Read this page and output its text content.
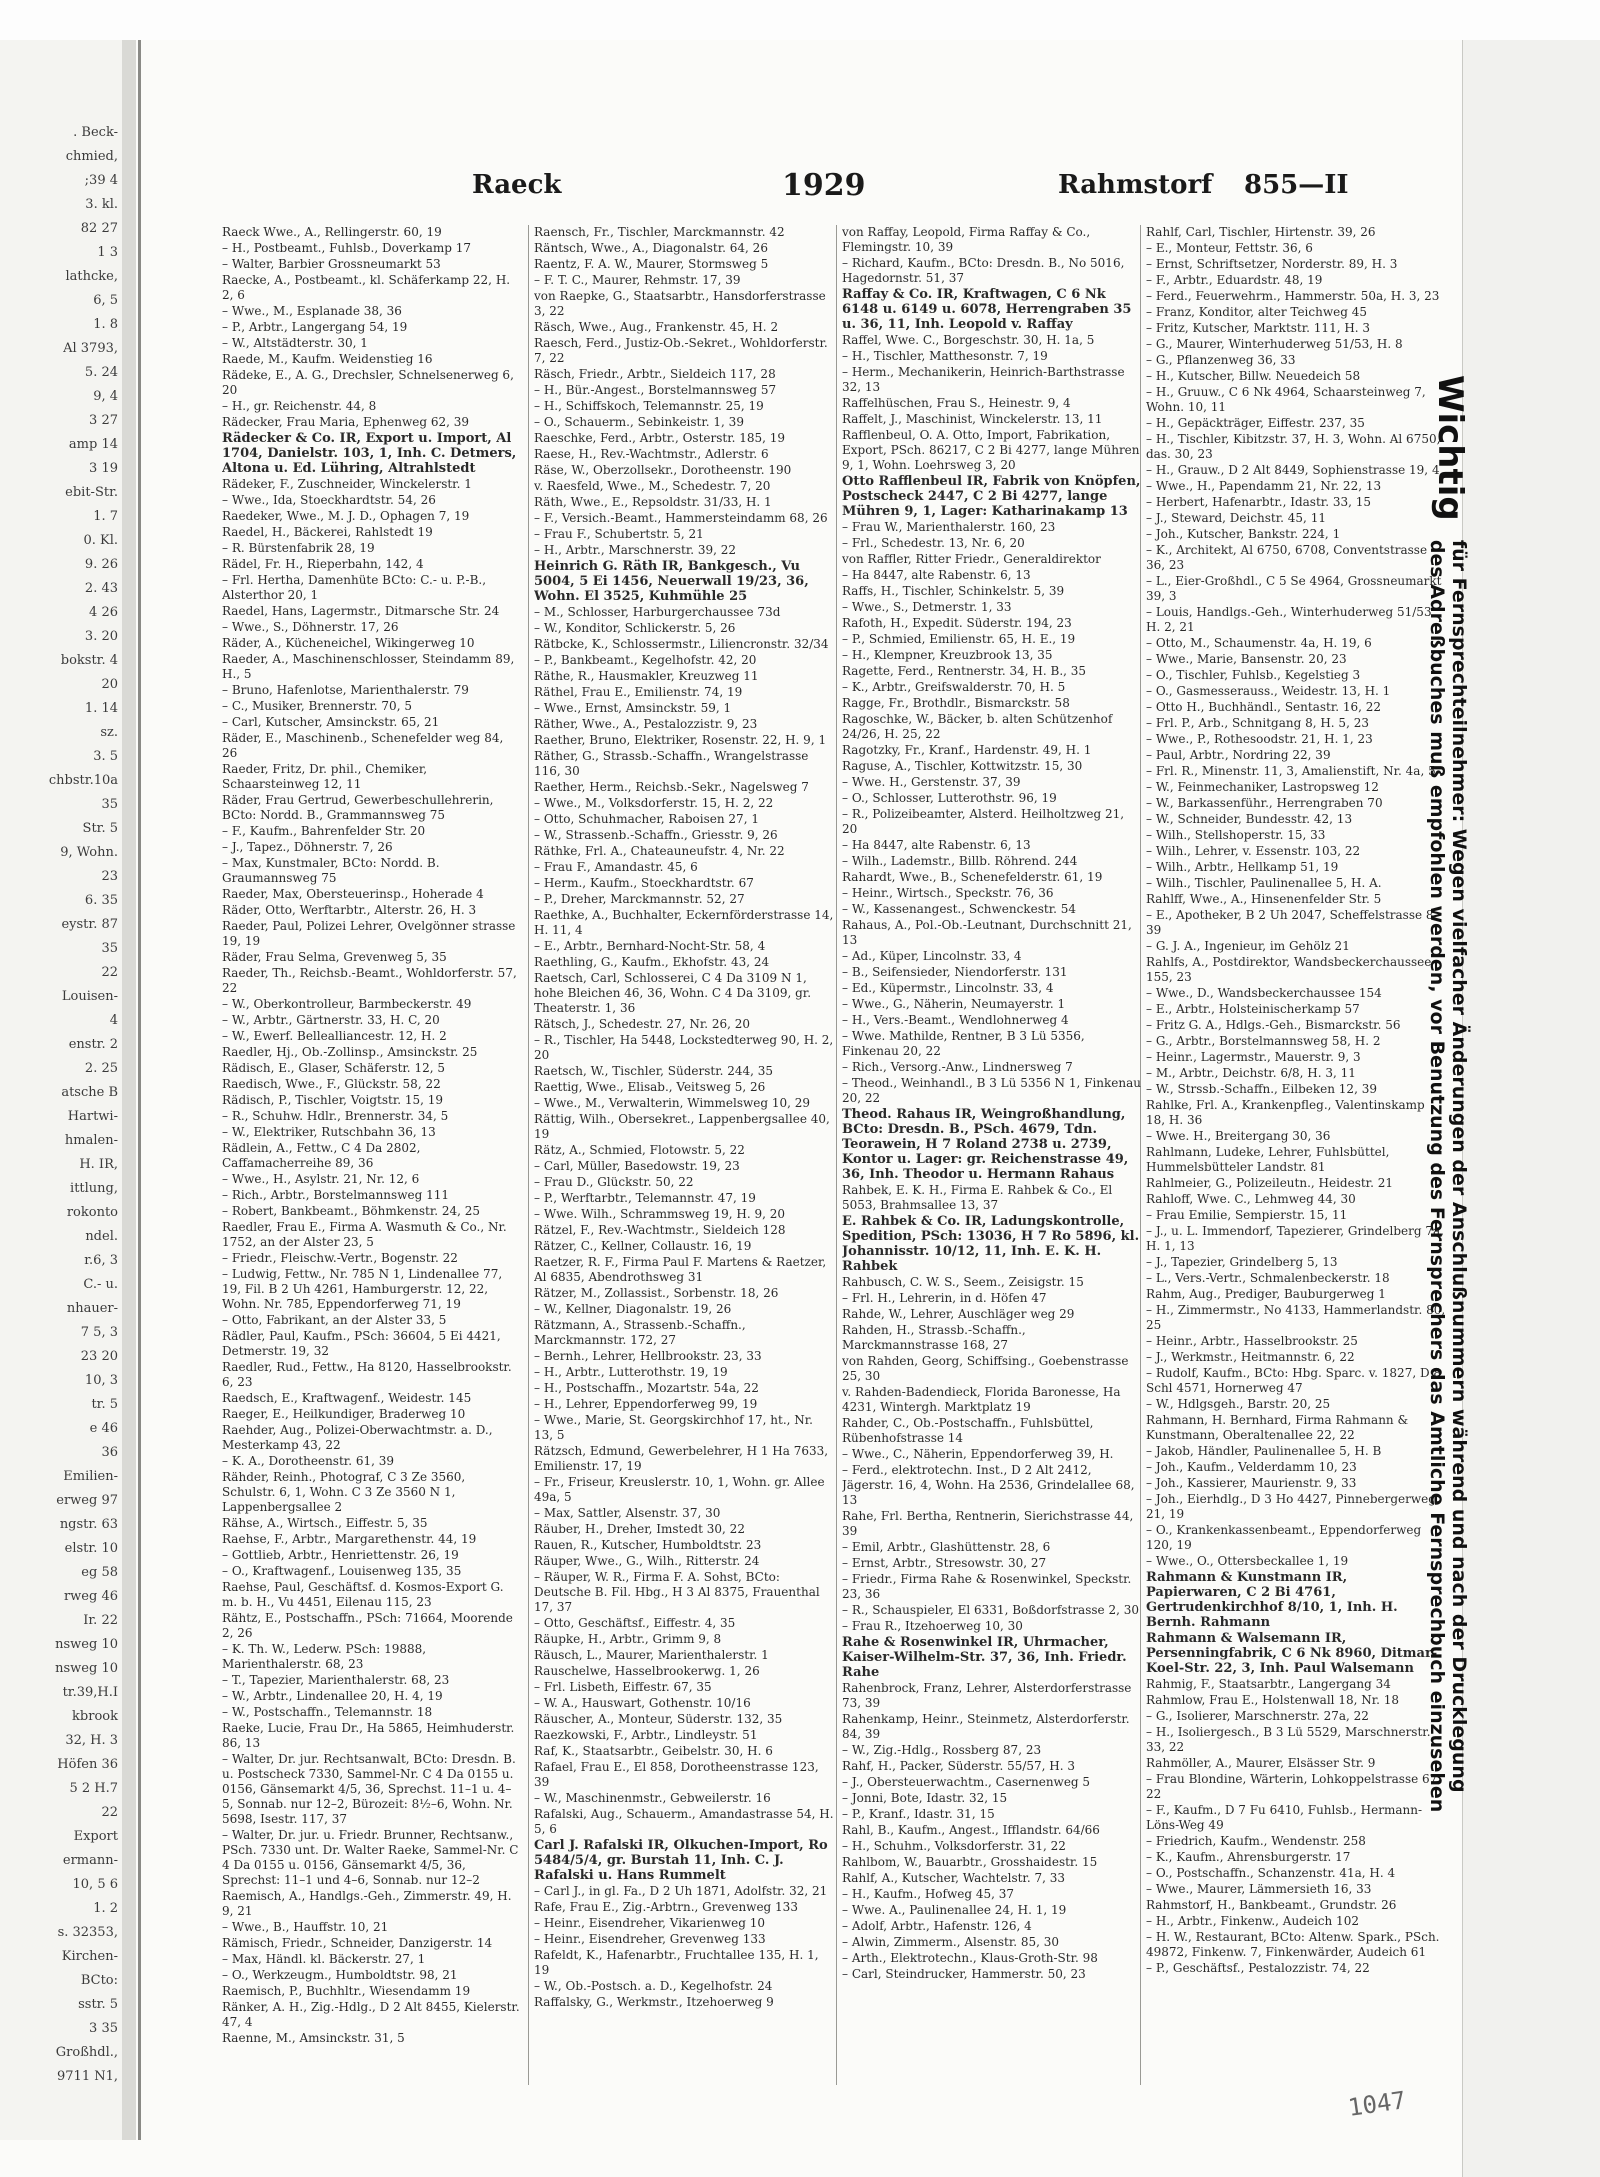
. Beck-
chmied,
;39 4
3. kl.
82 27
1 3
lathcke,
6, 5
1. 8
Al 3793,
5. 24
9, 4
3 27
amp 14
3 19
ebit-Str.
1. 7
0. Kl.
9. 26
2. 43
4 26
3. 20
bokstr. 4
20
1. 14
sz.
3. 5
chbstr.10a
35
Str. 5
9, Wohn.
23
6. 35
eystr. 87
35
22
Louisen-
4
enstr. 2
2. 25
atsche B
Hartwi-
hmalen-
H. IR,
ittlung,
rokonto
ndel.
r.6, 3
C.- u.
nhauer-
7 5, 3
23 20
10, 3
tr. 5
e 46
36
Emilien-
erweg 97
ngstr. 63
elstr. 10
eg 58
rweg 46
Ir. 22
nsweg 10
nsweg 10
tr.39,H.I
kbrook
32, H. 3
Höfen 36
5 2 H.7
22
Export
ermann-
10, 5 6
1. 2
s. 32353,
Kirchen-
BCto:
sstr. 5
3 35
Großhdl.,
9711 N1,
Raeck	1929	Rahmstorf 855—II
Raeck Wwe., A., Rellingerstr. 60, 19
– H., Postbeamt., Fuhlsb., Doverkamp 17
– Walter, Barbier Grossneumarkt 53
Raecke, A., Postbeamt., kl. Schäferkamp 22, H. 2, 6
– Wwe., M., Esplanade 38, 36
– P., Arbtr., Langergang 54, 19
– W., Altstädterstr. 30, 1
Raede, M., Kaufm. Weidenstieg 16
Rädeke, E., A. G., Drechsler, Schnelsenerweg 6, 20
– H., gr. Reichenstr. 44, 8
Rädecker, Frau Maria, Ephenweg 62, 39
Rädecker & Co. IR, Export u. Import, Al 1704, Danielstr. 103, 1, Inh. C. Detmers, Altona u. Ed. Lühring, Altrahlstedt
Rädeker, F., Zuschneider, Winckelerstr. 1
– Wwe., Ida, Stoeckhardtstr. 54, 26
Raedeker, Wwe., M. J. D., Ophagen 7, 19
Raedel, H., Bäckerei, Rahlstedt 19
– R. Bürstenfabrik 28, 19
Rädel, Fr. H., Rieperbahn, 142, 4
– Frl. Hertha, Damenhüte BCto: C.- u. P.-B., Alsterthor 20, 1
Raedel, Hans, Lagermstr., Ditmarsche Str. 24
– Wwe., S., Döhnerstr. 17, 26
Räder, A., Kücheneichel, Wikingerweg 10
Raeder, A., Maschinenschlosser, Steindamm 89, H., 5
– Bruno, Hafenlotse, Marienthalerstr. 79
– C., Musiker, Brennerstr. 70, 5
– Carl, Kutscher, Amsinckstr. 65, 21
Räder, E., Maschinenb., Schenefelder weg 84, 26
Raeder, Fritz, Dr. phil., Chemiker, Schaarsteinweg 12, 11
Räder, Frau Gertrud, Gewerbeschullehrerin, BCto: Nordd. B., Grammannsweg 75
– F., Kaufm., Bahrenfelder Str. 20
– J., Tapez., Döhnerstr. 7, 26
– Max, Kunstmaler, BCto: Nordd. B. Graumannsweg 75
Raeder, Max, Obersteuerinsp., Hoherade 4
Räder, Otto, Werftarbtr., Alterstr. 26, H. 3
Raeder, Paul, Polizei Lehrer, Ovelgönner strasse 19, 19
Räder, Frau Selma, Grevenweg 5, 35
Raeder, Th., Reichsb.-Beamt., Wohldorferstr. 57, 22
– W., Oberkontrolleur, Barmbeckerstr. 49
– W., Arbtr., Gärtnerstr. 33, H. C, 20
– W., Ewerf. Bellealliancestr. 12, H. 2
Raedler, Hj., Ob.-Zollinsp., Amsinckstr. 25
Rädisch, E., Glaser, Schäferstr. 12, 5
Raedisch, Wwe., F., Glückstr. 58, 22
Rädisch, P., Tischler, Voigtstr. 15, 19
– R., Schuhw. Hdlr., Brennerstr. 34, 5
– W., Elektriker, Rutschbahn 36, 13
Rädlein, A., Fettw., C 4 Da 2802, Caffamacherreihe 89, 36
– Wwe., H., Asylstr. 21, Nr. 12, 6
– Rich., Arbtr., Borstelmannsweg 111
– Robert, Bankbeamt., Böhmkenstr. 24, 25
Raedler, Frau E., Firma A. Wasmuth & Co., Nr. 1752, an der Alster 23, 5
– Friedr., Fleischw.-Vertr., Bogenstr. 22
– Ludwig, Fettw., Nr. 785 N 1, Lindenallee 77, 19, Fil. B 2 Uh 4261, Hamburgerstr. 12, 22, Wohn. Nr. 785, Eppendorferweg 71, 19
– Otto, Fabrikant, an der Alster 33, 5
Rädler, Paul, Kaufm., PSch: 36604, 5 Ei 4421, Detmerstr. 19, 32
Raedler, Rud., Fettw., Ha 8120, Hasselbrookstr. 6, 23
Raedsch, E., Kraftwagenf., Weidestr. 145
Raeger, E., Heilkundiger, Braderweg 10
Raehder, Aug., Polizei-Oberwachtmstr. a. D., Mesterkamp 43, 22
– K. A., Dorotheenstr. 61, 39
Rähder, Reinh., Photograf, C 3 Ze 3560, Schulstr. 6, 1, Wohn. C 3 Ze 3560 N 1, Lappenbergsallee 2
Rähse, A., Wirtsch., Eiffestr. 5, 35
Raehse, F., Arbtr., Margarethenstr. 44, 19
– Gottlieb, Arbtr., Henriettenstr. 26, 19
– O., Kraftwagenf., Louisenweg 135, 35
Raehse, Paul, Geschäftsf. d. Kosmos-Export G. m. b. H., Vu 4451, Eilenau 115, 23
Rähtz, E., Postschaffn., PSch: 71664, Moorende 2, 26
– K. Th. W., Lederw. PSch: 19888, Marienthalerstr. 68, 23
– T., Tapezier, Marienthalerstr. 68, 23
– W., Arbtr., Lindenallee 20, H. 4, 19
– W., Postschaffn., Telemannstr. 18
Raeke, Lucie, Frau Dr., Ha 5865, Heimhuderstr. 86, 13
– Walter, Dr. jur. Rechtsanwalt, BCto: Dresdn. B. u. Postscheck 7330, Sammel-Nr. C 4 Da 0155 u. 0156, Gänsemarkt 4/5, 36, Sprechst. 11–1 u. 4–5, Sonnab. nur 12–2, Bürozeit: 8½–6, Wohn. Nr. 5698, Isestr. 117, 37
– Walter, Dr. jur. u. Friedr. Brunner, Rechtsanw., PSch. 7330 unt. Dr. Walter Raeke, Sammel-Nr. C 4 Da 0155 u. 0156, Gänsemarkt 4/5, 36, Sprechst: 11–1 und 4–6, Sonnab. nur 12–2
Raemisch, A., Handlgs.-Geh., Zimmerstr. 49, H. 9, 21
– Wwe., B., Hauffstr. 10, 21
Rämisch, Friedr., Schneider, Danzigerstr. 14
– Max, Händl. kl. Bäckerstr. 27, 1
– O., Werkzeugm., Humboldtstr. 98, 21
Raemisch, P., Buchhltr., Wiesendamm 19
Ränker, A. H., Zig.-Hdlg., D 2 Alt 8455, Kielerstr. 47, 4
Raenne, M., Amsinckstr. 31, 5
Raensch, Fr., Tischler, Marckmannstr. 42
Räntsch, Wwe., A., Diagonalstr. 64, 26
Raentz, F. A. W., Maurer, Stormsweg 5
– F. T. C., Maurer, Rehmstr. 17, 39
von Raepke, G., Staatsarbtr., Hansdorferstrasse 3, 22
Räsch, Wwe., Aug., Frankenstr. 45, H. 2
Raesch, Ferd., Justiz-Ob.-Sekret., Wohldorferstr. 7, 22
Räsch, Friedr., Arbtr., Sieldeich 117, 28
– H., Bür.-Angest., Borstelmannsweg 57
– H., Schiffskoch, Telemannstr. 25, 19
– O., Schauerm., Sebinkeistr. 1, 39
Raeschke, Ferd., Arbtr., Osterstr. 185, 19
Raese, H., Rev.-Wachtmstr., Adlerstr. 6
Räse, W., Oberzollsekr., Dorotheenstr. 190
v. Raesfeld, Wwe., M., Schedestr. 7, 20
Räth, Wwe., E., Repsoldstr. 31/33, H. 1
– F., Versich.-Beamt., Hammersteindamm 68, 26
– Frau F., Schubertstr. 5, 21
– H., Arbtr., Marschnerstr. 39, 22
Heinrich G. Räth IR, Bankgesch., Vu 5004, 5 Ei 1456, Neuerwall 19/23, 36, Wohn. El 3525, Kuhmühle 25
– M., Schlosser, Harburgerchaussee 73d
– W., Konditor, Schlickerstr. 5, 26
Rätbcke, K., Schlossermstr., Liliencronstr. 32/34
– P., Bankbeamt., Kegelhofstr. 42, 20
Räthe, R., Hausmakler, Kreuzweg 11
Räthel, Frau E., Emilienstr. 74, 19
– Wwe., Ernst, Amsinckstr. 59, 1
Räther, Wwe., A., Pestalozzistr. 9, 23
Raether, Bruno, Elektriker, Rosenstr. 22, H. 9, 1
Räther, G., Strassb.-Schaffn., Wrangelstrasse 116, 30
Raether, Herm., Reichsb.-Sekr., Nagelsweg 7
– Wwe., M., Volksdorferstr. 15, H. 2, 22
– Otto, Schuhmacher, Raboisen 27, 1
– W., Strassenb.-Schaffn., Griesstr. 9, 26
Räthke, Frl. A., Chateauneufstr. 4, Nr. 22
– Frau F., Amandastr. 45, 6
– Herm., Kaufm., Stoeckhardtstr. 67
– P., Dreher, Marckmannstr. 52, 27
Raethke, A., Buchhalter, Eckernförderstrasse 14, H. 11, 4
– E., Arbtr., Bernhard-Nocht-Str. 58, 4
Raethling, G., Kaufm., Ekhofstr. 43, 24
Raetsch, Carl, Schlosserei, C 4 Da 3109 N 1, hohe Bleichen 46, 36, Wohn. C 4 Da 3109, gr. Theaterstr. 1, 36
Rätsch, J., Schedestr. 27, Nr. 26, 20
– R., Tischler, Ha 5448, Lockstedterweg 90, H. 2, 20
Raetsch, W., Tischler, Süderstr. 244, 35
Raettig, Wwe., Elisab., Veitsweg 5, 26
– Wwe., M., Verwalterin, Wimmelsweg 10, 29
Rättig, Wilh., Obersekret., Lappenbergsallee 40, 19
Rätz, A., Schmied, Flotowstr. 5, 22
– Carl, Müller, Basedowstr. 19, 23
– Frau D., Glückstr. 50, 22
– P., Werftarbtr., Telemannstr. 47, 19
– Wwe. Wilh., Schrammsweg 19, H. 9, 20
Rätzel, F., Rev.-Wachtmstr., Sieldeich 128
Rätzer, C., Kellner, Collaustr. 16, 19
Raetzer, R. F., Firma Paul F. Martens & Raetzer, Al 6835, Abendrothsweg 31
Rätzer, M., Zollassist., Sorbenstr. 18, 26
– W., Kellner, Diagonalstr. 19, 26
Rätzmann, A., Strassenb.-Schaffn., Marckmannstr. 172, 27
– Bernh., Lehrer, Hellbrookstr. 23, 33
– H., Arbtr., Lutterothstr. 19, 19
– H., Postschaffn., Mozartstr. 54a, 22
– H., Lehrer, Eppendorferweg 99, 19
– Wwe., Marie, St. Georgskirchhof 17, ht., Nr. 13, 5
Rätzsch, Edmund, Gewerbelehrer, H 1 Ha 7633, Emilienstr. 17, 19
– Fr., Friseur, Kreuslerstr. 10, 1, Wohn. gr. Allee 49a, 5
– Max, Sattler, Alsenstr. 37, 30
Räuber, H., Dreher, Imstedt 30, 22
Rauen, R., Kutscher, Humboldtstr. 23
Räuper, Wwe., G., Wilh., Ritterstr. 24
– Räuper, W. R., Firma F. A. Sohst, BCto: Deutsche B. Fil. Hbg., H 3 Al 8375, Frauenthal 17, 37
– Otto, Geschäftsf., Eiffestr. 4, 35
Räupke, H., Arbtr., Grimm 9, 8
Räusch, L., Maurer, Marienthalerstr. 1
Rauschelwe, Hasselbrookerwg. 1, 26
– Frl. Lisbeth, Eiffestr. 67, 35
– W. A., Hauswart, Gothenstr. 10/16
Räuscher, A., Monteur, Süderstr. 132, 35
Raezkowski, F., Arbtr., Lindleystr. 51
Raf, K., Staatsarbtr., Geibelstr. 30, H. 6
Rafael, Frau E., El 858, Dorotheenstrasse 123, 39
– W., Maschinenmstr., Gebweilerstr. 16
Rafalski, Aug., Schauerm., Amandastrasse 54, H. 5, 6
Carl J. Rafalski IR, Olkuchen-Import, Ro 5484/5/4, gr. Burstah 11, Inh. C. J. Rafalski u. Hans Rummelt
– Carl J., in gl. Fa., D 2 Uh 1871, Adolfstr. 32, 21
Rafe, Frau E., Zig.-Arbtrn., Grevenweg 133
– Heinr., Eisendreher, Vikarienweg 10
– Heinr., Eisendreher, Grevenweg 133
Rafeldt, K., Hafenarbtr., Fruchtallee 135, H. 1, 19
– W., Ob.-Postsch. a. D., Kegelhofstr. 24
Raffalsky, G., Werkmstr., Itzehoerweg 9
von Raffay, Leopold, Firma Raffay & Co., Flemingstr. 10, 39
– Richard, Kaufm., BCto: Dresdn. B., No 5016, Hagedornstr. 51, 37
Raffay & Co. IR, Kraftwagen, C 6 Nk 6148 u. 6149 u. 6078, Herrengraben 35 u. 36, 11, Inh. Leopold v. Raffay
Raffel, Wwe. C., Borgeschstr. 30, H. 1a, 5
– H., Tischler, Matthesonstr. 7, 19
– Herm., Mechanikerin, Heinrich-Barthstrasse 32, 13
Raffelhüschen, Frau S., Heinestr. 9, 4
Raffelt, J., Maschinist, Winckelerstr. 13, 11
Rafflenbeul, O. A. Otto, Import, Fabrikation, Export, PSch. 86217, C 2 Bi 4277, lange Mühren 9, 1, Wohn. Loehrsweg 3, 20
Otto Rafflenbeul IR, Fabrik von Knöpfen, Postscheck 2447, C 2 Bi 4277, lange Mühren 9, 1, Lager: Katharinakamp 13
– Frau W., Marienthalerstr. 160, 23
– Frl., Schedestr. 13, Nr. 6, 20
von Raffler, Ritter Friedr., Generaldirektor
– Ha 8447, alte Rabenstr. 6, 13
Raffs, H., Tischler, Schinkelstr. 5, 39
– Wwe., S., Detmerstr. 1, 33
Rafoth, H., Expedit. Süderstr. 194, 23
– P., Schmied, Emilienstr. 65, H. E., 19
– H., Klempner, Kreuzbrook 13, 35
Ragette, Ferd., Rentnerstr. 34, H. B., 35
– K., Arbtr., Greifswalderstr. 70, H. 5
Ragge, Fr., Brothdlr., Bismarckstr. 58
Ragoschke, W., Bäcker, b. alten Schützenhof 24/26, H. 25, 22
Ragotzky, Fr., Kranf., Hardenstr. 49, H. 1
Raguse, A., Tischler, Kottwitzstr. 15, 30
– Wwe. H., Gerstenstr. 37, 39
– O., Schlosser, Lutterothstr. 96, 19
– R., Polizeibeamter, Alsterd. Heilholtzweg 21, 20
– Ha 8447, alte Rabenstr. 6, 13
– Wilh., Lademstr., Billb. Röhrend. 244
Rahardt, Wwe., B., Schenefelderstr. 61, 19
– Heinr., Wirtsch., Speckstr. 76, 36
– W., Kassenangest., Schwenckestr. 54
Rahaus, A., Pol.-Ob.-Leutnant, Durchschnitt 21, 13
– Ad., Küper, Lincolnstr. 33, 4
– B., Seifensieder, Niendorferstr. 131
– Ed., Küpermstr., Lincolnstr. 33, 4
– Wwe., G., Näherin, Neumayerstr. 1
– H., Vers.-Beamt., Wendlohnerweg 4
– Wwe. Mathilde, Rentner, B 3 Lü 5356, Finkenau 20, 22
– Rich., Versorg.-Anw., Lindnersweg 7
– Theod., Weinhandl., B 3 Lü 5356 N 1, Finkenau 20, 22
Theod. Rahaus IR, Weingroßhandlung, BCto: Dresdn. B., PSch. 4679, Tdn. Teorawein, H 7 Roland 2738 u. 2739, Kontor u. Lager: gr. Reichenstrasse 49, 36, Inh. Theodor u. Hermann Rahaus
Rahbek, E. K. H., Firma E. Rahbek & Co., El 5053, Brahmsallee 13, 37
E. Rahbek & Co. IR, Ladungskontrolle, Spedition, PSch: 13036, H 7 Ro 5896, kl. Johannisstr. 10/12, 11, Inh. E. K. H. Rahbek
Rahbusch, C. W. S., Seem., Zeisigstr. 15
– Frl. H., Lehrerin, in d. Höfen 47
Rahde, W., Lehrer, Auschläger weg 29
Rahden, H., Strassb.-Schaffn., Marckmannstrasse 168, 27
von Rahden, Georg, Schiffsing., Goebenstrasse 25, 30
v. Rahden-Badendieck, Florida Baronesse, Ha 4231, Wintergh. Marktplatz 19
Rahder, C., Ob.-Postschaffn., Fuhlsbüttel, Rübenhofstrasse 14
– Wwe., C., Näherin, Eppendorferweg 39, H.
– Ferd., elektrotechn. Inst., D 2 Alt 2412, Jägerstr. 16, 4, Wohn. Ha 2536, Grindelallee 68, 13
Rahe, Frl. Bertha, Rentnerin, Sierichstrasse 44, 39
– Emil, Arbtr., Glashüttenstr. 28, 6
– Ernst, Arbtr., Stresowstr. 30, 27
– Friedr., Firma Rahe & Rosenwinkel, Speckstr. 23, 36
– R., Schauspieler, El 6331, Boßdorfstrasse 2, 30
– Frau R., Itzehoerweg 10, 30
Rahe & Rosenwinkel IR, Uhrmacher, Kaiser-Wilhelm-Str. 37, 36, Inh. Friedr. Rahe
Rahenbrock, Franz, Lehrer, Alsterdorferstrasse 73, 39
Rahenkamp, Heinr., Steinmetz, Alsterdorferstr. 84, 39
– W., Zig.-Hdlg., Rossberg 87, 23
Rahf, H., Packer, Süderstr. 55/57, H. 3
– J., Obersteuerwachtm., Casernenweg 5
– Jonni, Bote, Idastr. 32, 15
– P., Kranf., Idastr. 31, 15
Rahl, B., Kaufm., Angest., Ifflandstr. 64/66
– H., Schuhm., Volksdorferstr. 31, 22
Rahlbom, W., Bauarbtr., Grosshaidestr. 15
Rahlf, A., Kutscher, Wachtelstr. 7, 33
– H., Kaufm., Hofweg 45, 37
– Wwe. A., Paulinenallee 24, H. 1, 19
– Adolf, Arbtr., Hafenstr. 126, 4
– Alwin, Zimmerm., Alsenstr. 85, 30
– Arth., Elektrotechn., Klaus-Groth-Str. 98
– Carl, Steindrucker, Hammerstr. 50, 23
Rahlf, Carl, Tischler, Hirtenstr. 39, 26
– E., Monteur, Fettstr. 36, 6
– Ernst, Schriftsetzer, Norderstr. 89, H. 3
– F., Arbtr., Eduardstr. 48, 19
– Ferd., Feuerwehrm., Hammerstr. 50a, H. 3, 23
– Franz, Konditor, alter Teichweg 45
– Fritz, Kutscher, Marktstr. 111, H. 3
– G., Maurer, Winterhuderweg 51/53, H. 8
– G., Pflanzenweg 36, 33
– H., Kutscher, Billw. Neuedeich 58
– H., Gruuw., C 6 Nk 4964, Schaarsteinweg 7, Wohn. 10, 11
– H., Gepäckträger, Eiffestr. 237, 35
– H., Tischler, Kibitzstr. 37, H. 3, Wohn. Al 6750, das. 30, 23
– H., Grauw., D 2 Alt 8449, Sophienstrasse 19, 4
– Wwe., H., Papendamm 21, Nr. 22, 13
– Herbert, Hafenarbtr., Idastr. 33, 15
– J., Steward, Deichstr. 45, 11
– Joh., Kutscher, Bankstr. 224, 1
– K., Architekt, Al 6750, 6708, Conventstrasse 36, 23
– L., Eier-Großhdl., C 5 Se 4964, Grossneumarkt 39, 3
– Louis, Handlgs.-Geh., Winterhuderweg 51/53, H. 2, 21
– Otto, M., Schaumenstr. 4a, H. 19, 6
– Wwe., Marie, Bansenstr. 20, 23
– O., Tischler, Fuhlsb., Kegelstieg 3
– O., Gasmesserauss., Weidestr. 13, H. 1
– Otto H., Buchhändl., Sentastr. 16, 22
– Frl. P., Arb., Schnitgang 8, H. 5, 23
– Wwe., P., Rothesoodstr. 21, H. 1, 23
– Paul, Arbtr., Nordring 22, 39
– Frl. R., Minenstr. 11, 3, Amalienstift, Nr. 4a, 5
– W., Feinmechaniker, Lastropsweg 12
– W., Barkassenführ., Herrengraben 70
– W., Schneider, Bundesstr. 42, 13
– Wilh., Stellshoperstr. 15, 33
– Wilh., Lehrer, v. Essenstr. 103, 22
– Wilh., Arbtr., Hellkamp 51, 19
– Wilh., Tischler, Paulinenallee 5, H. A.
Rahlff, Wwe., A., Hinsenenfelder Str. 5
– E., Apotheker, B 2 Uh 2047, Scheffelstrasse 8, 39
– G. J. A., Ingenieur, im Gehölz 21
Rahlfs, A., Postdirektor, Wandsbeckerchaussee 155, 23
– Wwe., D., Wandsbeckerchaussee 154
– E., Arbtr., Holsteinischerkamp 57
– Fritz G. A., Hdlgs.-Geh., Bismarckstr. 56
– G., Arbtr., Borstelmannsweg 58, H. 2
– Heinr., Lagermstr., Mauerstr. 9, 3
– M., Arbtr., Deichstr. 6/8, H. 3, 11
– W., Strssb.-Schaffn., Eilbeken 12, 39
Rahlke, Frl. A., Krankenpfleg., Valentinskamp 18, H. 36
– Wwe. H., Breitergang 30, 36
Rahlmann, Ludeke, Lehrer, Fuhlsbüttel, Hummelsbütteler Landstr. 81
Rahlmeier, G., Polizeileutn., Heidestr. 21
Rahloff, Wwe. C., Lehmweg 44, 30
– Frau Emilie, Sempierstr. 15, 11
– J., u. L. Immendorf, Tapezierer, Grindelberg 7a, H. 1, 13
– J., Tapezier, Grindelberg 5, 13
– L., Vers.-Vertr., Schmalenbeckerstr. 18
Rahm, Aug., Prediger, Bauburgerweg 1
– H., Zimmermstr., No 4133, Hammerlandstr. 80, 25
– Heinr., Arbtr., Hasselbrookstr. 25
– J., Werkmstr., Heitmannstr. 6, 22
– Rudolf, Kaufm., BCto: Hbg. Sparc. v. 1827, D 8 Schl 4571, Hornerweg 47
– W., Hdlgsgeh., Barstr. 20, 25
Rahmann, H. Bernhard, Firma Rahmann & Kunstmann, Oberaltenallee 22, 22
– Jakob, Händler, Paulinenallee 5, H. B
– Joh., Kaufm., Velderdamm 10, 23
– Joh., Kassierer, Maurienstr. 9, 33
– Joh., Eierhdlg., D 3 Ho 4427, Pinnebergerweg 21, 19
– O., Krankenkassenbeamt., Eppendorferweg 120, 19
– Wwe., O., Ottersbeckallee 1, 19
Rahmann & Kunstmann IR, Papierwaren, C 2 Bi 4761, Gertrudenkirchhof 8/10, 1, Inh. H. Bernh. Rahmann
Rahmann & Walsemann IR, Persenningfabrik, C 6 Nk 8960, Ditmar-Koel-Str. 22, 3, Inh. Paul Walsemann
Rahmig, F., Staatsarbtr., Langergang 34
Rahmlow, Frau E., Holstenwall 18, Nr. 18
– G., Isolierer, Marschnerstr. 27a, 22
– H., Isoliergesch., B 3 Lü 5529, Marschnerstr. 33, 22
Rahmöller, A., Maurer, Elsässer Str. 9
– Frau Blondine, Wärterin, Lohkoppelstrasse 67, 22
– F., Kaufm., D 7 Fu 6410, Fuhlsb., Hermann-Löns-Weg 49
– Friedrich, Kaufm., Wendenstr. 258
– K., Kaufm., Ahrensburgerstr. 17
– O., Postschaffn., Schanzenstr. 41a, H. 4
– Wwe., Maurer, Lämmersieth 16, 33
Rahmstorf, H., Bankbeamt., Grundstr. 26
– H., Arbtr., Finkenw., Audeich 102
– H. W., Restaurant, BCto: Altenw. Spark., PSch. 49872, Finkenw. 7, Finkenwärder, Audeich 61
– P., Geschäftsf., Pestalozzistr. 74, 22
Wichtig für Fernsprechteilnehmer: Wegen vielfacher Änderungen der Anschlußnummern während und nach der Drucklegung
des Adreßbuches muß empfohlen werden, vor Benutzung des Fernsprechers das Amtliche Fernsprechbuch einzusehen
1047
